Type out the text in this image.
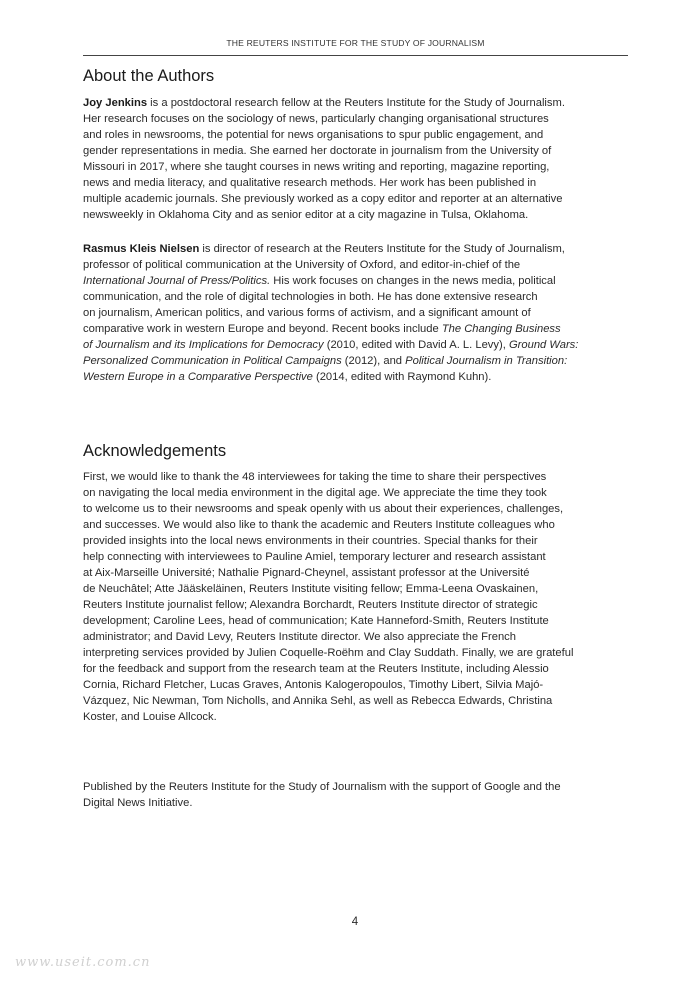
THE REUTERS INSTITUTE FOR THE STUDY OF JOURNALISM
About the Authors

Joy Jenkins is a postdoctoral research fellow at the Reuters Institute for the Study of Journalism.
Her research focuses on the sociology of news, particularly changing organisational structures
and roles in newsrooms, the potential for news organisations to spur public engagement, and
gender representations in media. She earned her doctorate in journalism from the University of
Missouri in 2017, where she taught courses in news writing and reporting, magazine reporting,
news and media literacy, and qualitative research methods. Her work has been published in
multiple academic journals. She previously worked as a copy editor and reporter at an alternative
newsweekly in Oklahoma City and as senior editor at a city magazine in Tulsa, Oklahoma.

Rasmus Kleis Nielsen is director of research at the Reuters Institute for the Study of Journalism,
professor of political communication at the University of Oxford, and editor-in-chief of the
International Journal of Press/Politics. His work focuses on changes in the news media, political
communication, and the role of digital technologies in both. He has done extensive research
on journalism, American politics, and various forms of activism, and a significant amount of
comparative work in western Europe and beyond. Recent books include The Changing Business
of Journalism and its Implications for Democracy (2010, edited with David A. L. Levy), Ground Wars:
Personalized Communication in Political Campaigns (2012), and Political Journalism in Transition:
Western Europe in a Comparative Perspective (2014, edited with Raymond Kuhn).

Acknowledgements

First, we would like to thank the 48 interviewees for taking the time to share their perspectives
on navigating the local media environment in the digital age. We appreciate the time they took
to welcome us to their newsrooms and speak openly with us about their experiences, challenges,
and successes. We would also like to thank the academic and Reuters Institute colleagues who
provided insights into the local news environments in their countries. Special thanks for their
help connecting with interviewees to Pauline Amiel, temporary lecturer and research assistant
at Aix-Marseille Université; Nathalie Pignard-Cheynel, assistant professor at the Université
de Neuchâtel; Atte Jääskeläinen, Reuters Institute visiting fellow; Emma-Leena Ovaskainen,
Reuters Institute journalist fellow; Alexandra Borchardt, Reuters Institute director of strategic
development; Caroline Lees, head of communication; Kate Hanneford-Smith, Reuters Institute
administrator; and David Levy, Reuters Institute director. We also appreciate the French
interpreting services provided by Julien Coquelle-Roëhm and Clay Suddath. Finally, we are grateful
for the feedback and support from the research team at the Reuters Institute, including Alessio
Cornia, Richard Fletcher, Lucas Graves, Antonis Kalogeropoulos, Timothy Libert, Silvia Majó-
Vázquez, Nic Newman, Tom Nicholls, and Annika Sehl, as well as Rebecca Edwards, Christina
Koster, and Louise Allcock.

Published by the Reuters Institute for the Study of Journalism with the support of Google and the
Digital News Initiative.

4
www.useit.com.cn
